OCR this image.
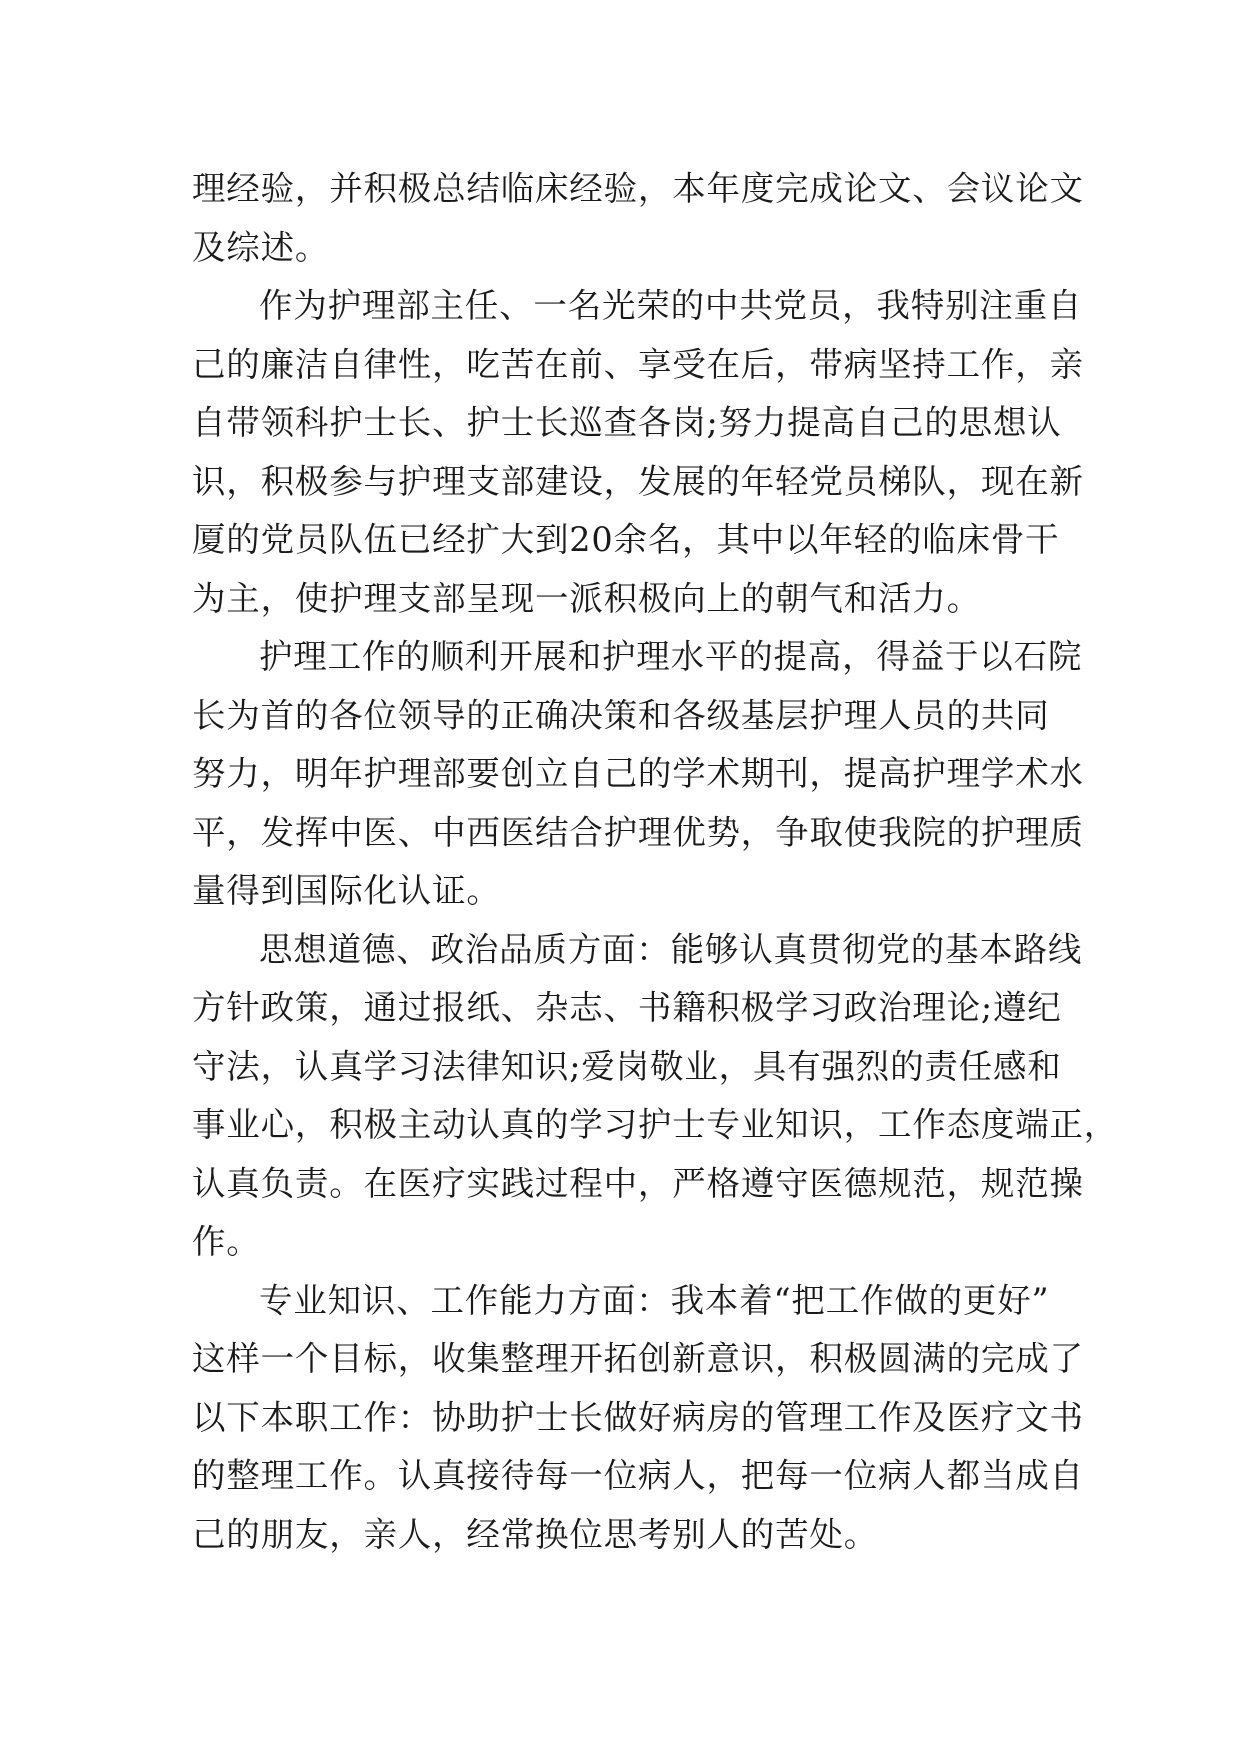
理经验，并积极总结临床经验，本年度完成论文、会议论文
及综述。
作为护理部主任、一名光荣的中共党员，我特别注重自
己的廉洁自律性，吃苦在前、享受在后，带病坚持工作，亲
自带领科护士长、护士长巡查各岗;努力提高自己的思想认
识，积极参与护理支部建设，发展的年轻党员梯队，现在新
厦的党员队伍已经扩大到20余名，其中以年轻的临床骨干
为主，使护理支部呈现一派积极向上的朝气和活力。
护理工作的顺利开展和护理水平的提高，得益于以石院
长为首的各位领导的正确决策和各级基层护理人员的共同
努力，明年护理部要创立自己的学术期刊，提高护理学术水
平，发挥中医、中西医结合护理优势，争取使我院的护理质
量得到国际化认证。
思想道德、政治品质方面：能够认真贯彻党的基本路线
方针政策，通过报纸、杂志、书籍积极学习政治理论;遵纪
守法，认真学习法律知识;爱岗敬业，具有强烈的责任感和
事业心，积极主动认真的学习护士专业知识，工作态度端正，
认真负责。在医疗实践过程中，严格遵守医德规范，规范操
作。
专业知识、工作能力方面：我本着“把工作做的更好”
这样一个目标，收集整理开拓创新意识，积极圆满的完成了
以下本职工作：协助护士长做好病房的管理工作及医疗文书
的整理工作。认真接待每一位病人，把每一位病人都当成自
己的朋友，亲人，经常换位思考别人的苦处。
